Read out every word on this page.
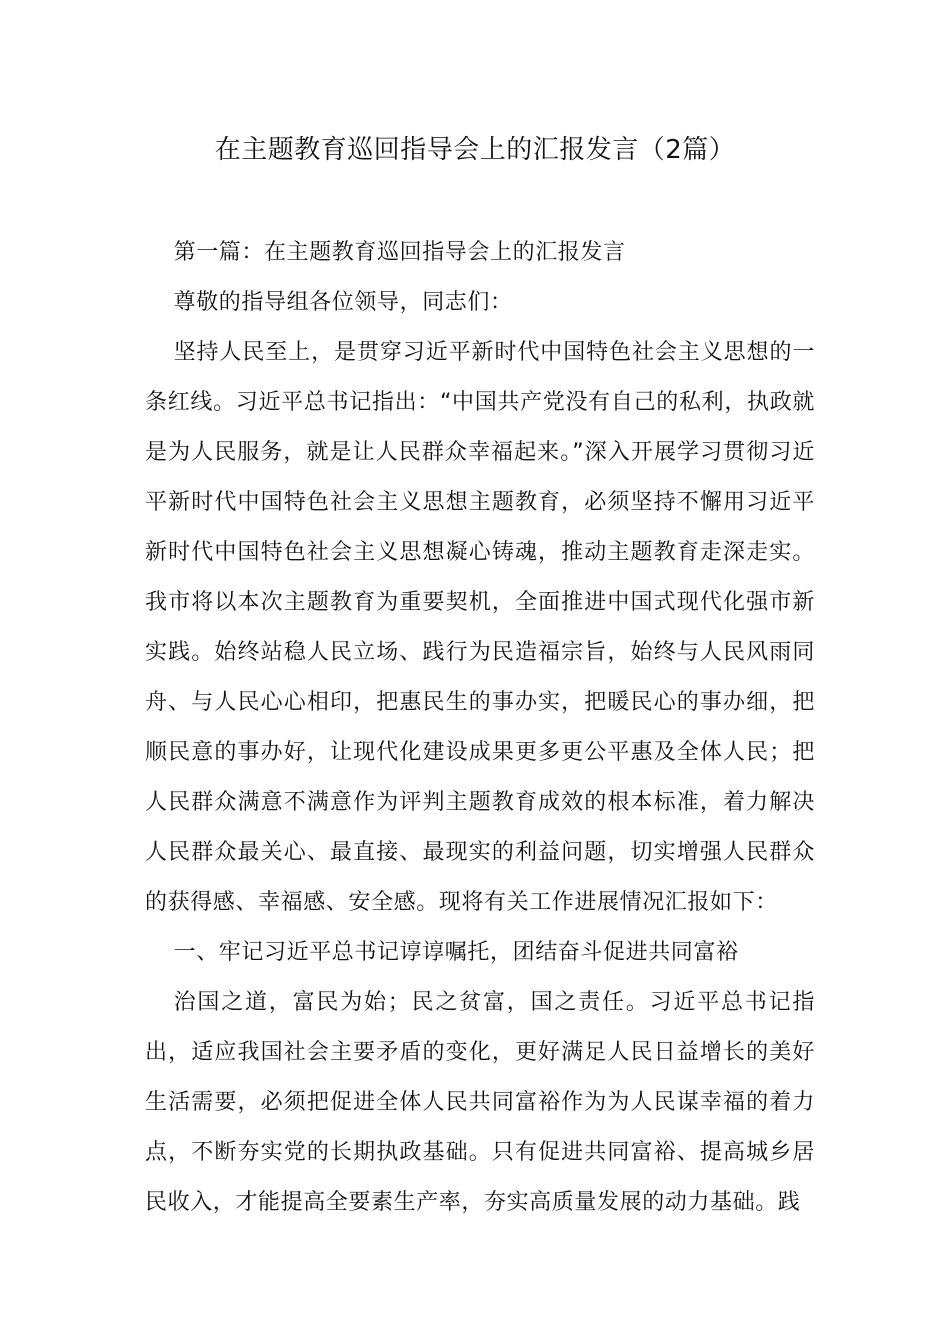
在主题教育巡回指导会上的汇报发言（2篇）

第一篇：在主题教育巡回指导会上的汇报发言

尊敬的指导组各位领导，同志们：

坚持人民至上，是贯穿习近平新时代中国特色社会主义思想的一条红线。习近平总书记指出：“中国共产党没有自己的私利，执政就是为人民服务，就是让人民群众幸福起来。”深入开展学习贯彻习近平新时代中国特色社会主义思想主题教育，必须坚持不懈用习近平新时代中国特色社会主义思想凝心铸魂，推动主题教育走深走实。我市将以本次主题教育为重要契机，全面推进中国式现代化强市新实践。始终站稳人民立场、践行为民造福宗旨，始终与人民风雨同舟、与人民心心相印，把惠民生的事办实，把暖民心的事办细，把顺民意的事办好，让现代化建设成果更多更公平惠及全体人民；把人民群众满意不满意作为评判主题教育成效的根本标准，着力解决人民群众最关心、最直接、最现实的利益问题，切实增强人民群众的获得感、幸福感、安全感。现将有关工作进展情况汇报如下：

一、牢记习近平总书记谆谆嘱托，团结奋斗促进共同富裕

治国之道，富民为始；民之贫富，国之责任。习近平总书记指出，适应我国社会主要矛盾的变化，更好满足人民日益增长的美好生活需要，必须把促进全体人民共同富裕作为为人民谋幸福的着力点，不断夯实党的长期执政基础。只有促进共同富裕、提高城乡居民收入，才能提高全要素生产率，夯实高质量发展的动力基础。践
